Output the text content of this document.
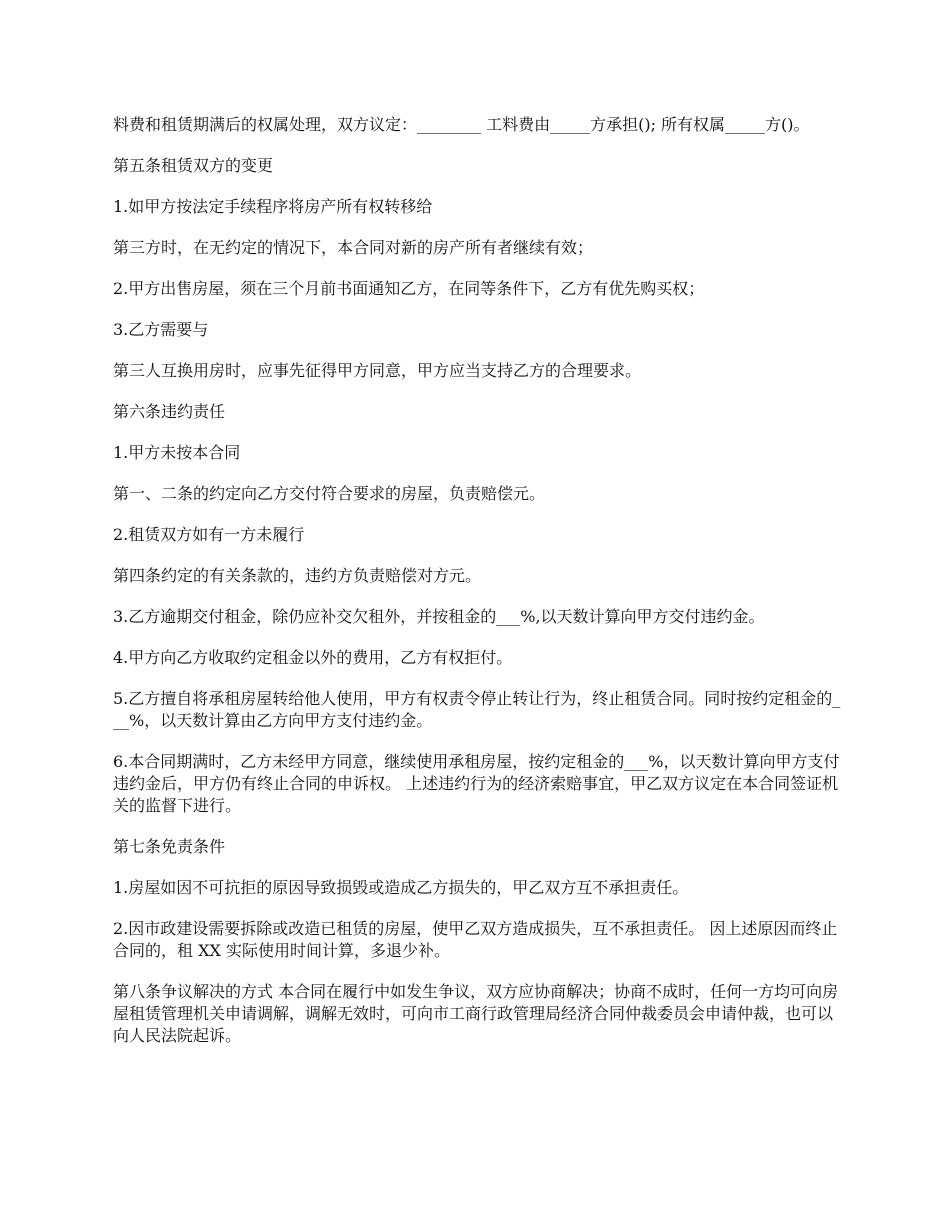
料费和租赁期满后的权属处理，双方议定：________ 工料费由_____方承担(); 所有权属_____方()。

第五条租赁双方的变更

1.如甲方按法定手续程序将房产所有权转移给

第三方时，在无约定的情况下，本合同对新的房产所有者继续有效；

2.甲方出售房屋，须在三个月前书面通知乙方，在同等条件下，乙方有优先购买权；

3.乙方需要与

第三人互换用房时，应事先征得甲方同意，甲方应当支持乙方的合理要求。

第六条违约责任

1.甲方未按本合同

第一、二条的约定向乙方交付符合要求的房屋，负责赔偿元。

2.租赁双方如有一方未履行

第四条约定的有关条款的，违约方负责赔偿对方元。

3.乙方逾期交付租金，除仍应补交欠租外，并按租金的___%,以天数计算向甲方交付违约金。

4.甲方向乙方收取约定租金以外的费用，乙方有权拒付。

5.乙方擅自将承租房屋转给他人使用，甲方有权责令停止转让行为，终止租赁合同。同时按约定租金的___%，以天数计算由乙方向甲方支付违约金。

6.本合同期满时，乙方未经甲方同意，继续使用承租房屋，按约定租金的___%，以天数计算向甲方支付违约金后，甲方仍有终止合同的申诉权。 上述违约行为的经济索赔事宜，甲乙双方议定在本合同签证机关的监督下进行。

第七条免责条件

1.房屋如因不可抗拒的原因导致损毁或造成乙方损失的，甲乙双方互不承担责任。

2.因市政建设需要拆除或改造已租赁的房屋，使甲乙双方造成损失，互不承担责任。 因上述原因而终止合同的，租 XX 实际使用时间计算，多退少补。

第八条争议解决的方式 本合同在履行中如发生争议，双方应协商解决；协商不成时，任何一方均可向房屋租赁管理机关申请调解，调解无效时，可向市工商行政管理局经济合同仲裁委员会申请仲裁，也可以向人民法院起诉。
